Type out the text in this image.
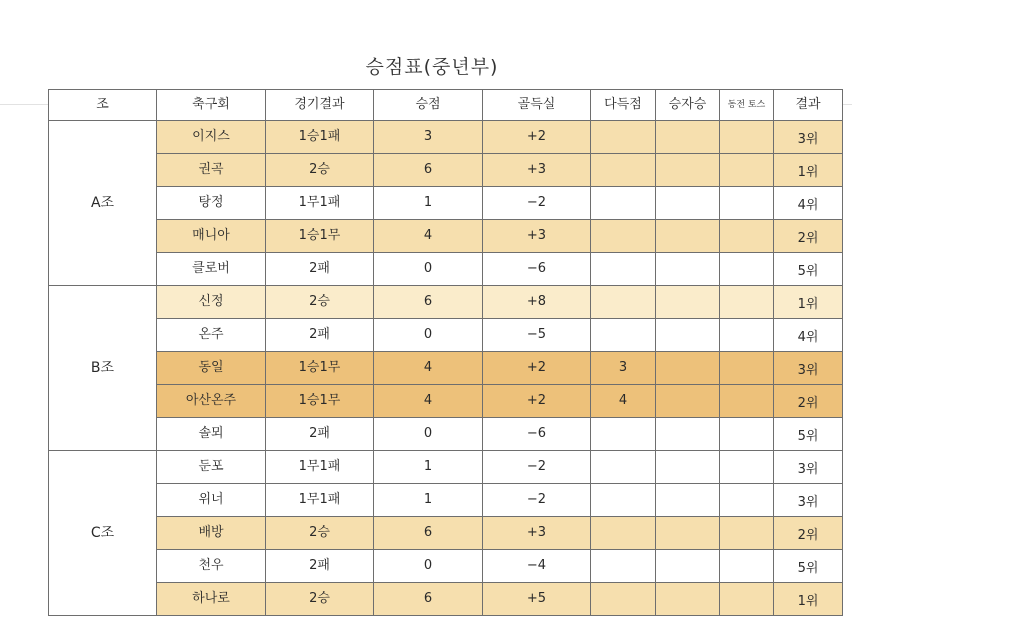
승점표(중년부)
조	축구회	경기결과	승점	골득실	다득점	승자승	동전 토스	결과
A조	이지스	1승1패	3	+2				3위
	권곡	2승	6	+3				1위
	탕정	1무1패	1	−2				4위
	매니아	1승1무	4	+3				2위
	클로버	2패	0	−6				5위
B조	신정	2승	6	+8				1위
	온주	2패	0	−5				4위
	동일	1승1무	4	+2	3			3위
	아산온주	1승1무	4	+2	4			2위
	솔뫼	2패	0	−6				5위
C조	둔포	1무1패	1	−2				3위
	위너	1무1패	1	−2				3위
	배방	2승	6	+3				2위
	천우	2패	0	−4				5위
	하나로	2승	6	+5				1위
